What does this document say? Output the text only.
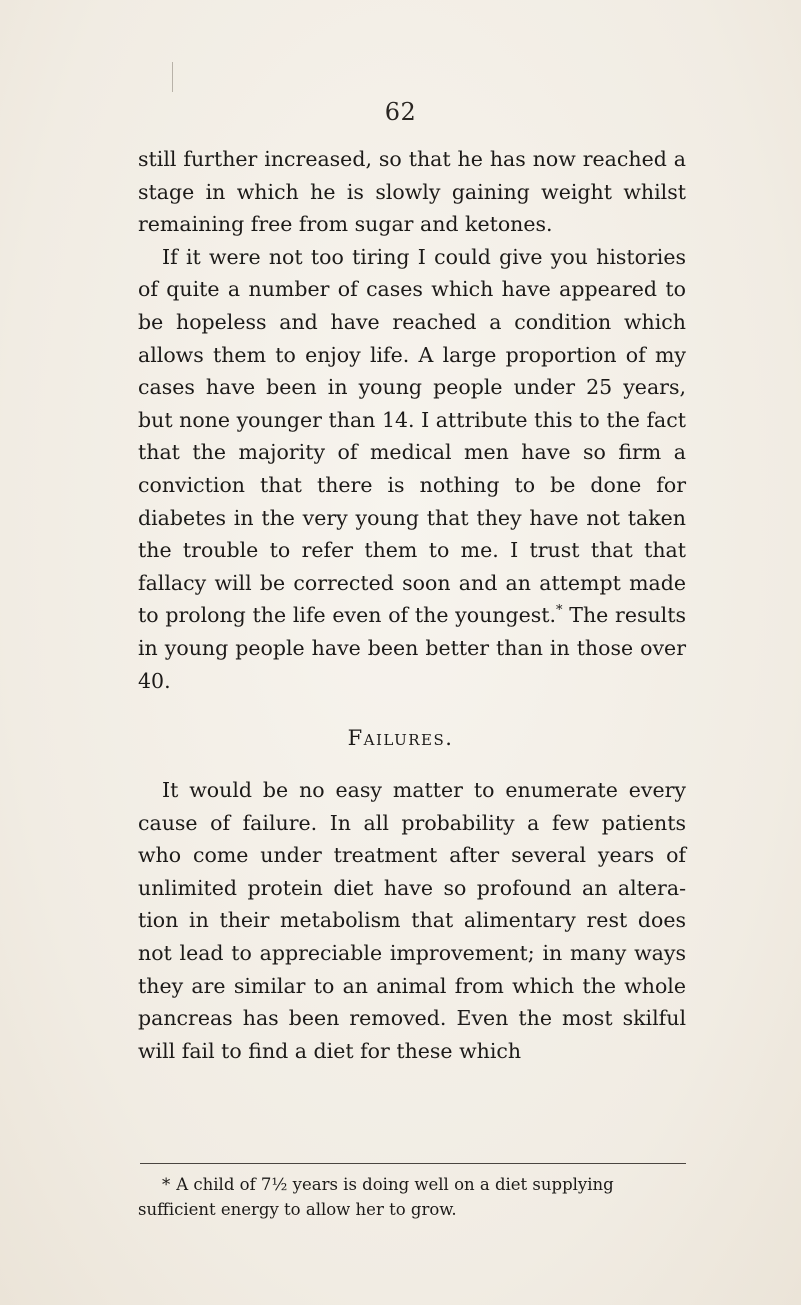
62

still further increased, so that he has now reached a stage in which he is slowly gaining weight whilst remaining free from sugar and ketones.

If it were not too tiring I could give you histories of quite a number of cases which have appeared to be hopeless and have reached a condition which allows them to enjoy life. A large proportion of my cases have been in young people under 25 years, but none younger than 14. I attribute this to the fact that the majority of medical men have so firm a conviction that there is nothing to be done for diabetes in the very young that they have not taken the trouble to refer them to me. I trust that that fallacy will be corrected soon and an attempt made to prolong the life even of the youngest.* The results in young people have been better than in those over 40.

Failures.

It would be no easy matter to enumerate every cause of failure. In all probability a few patients who come under treatment after several years of unlimited protein diet have so profound an altera-tion in their metabolism that alimentary rest does not lead to appreciable improvement; in many ways they are similar to an animal from which the whole pancreas has been removed. Even the most skilful will fail to find a diet for these which

* A child of 7½ years is doing well on a diet supplying sufficient energy to allow her to grow.
